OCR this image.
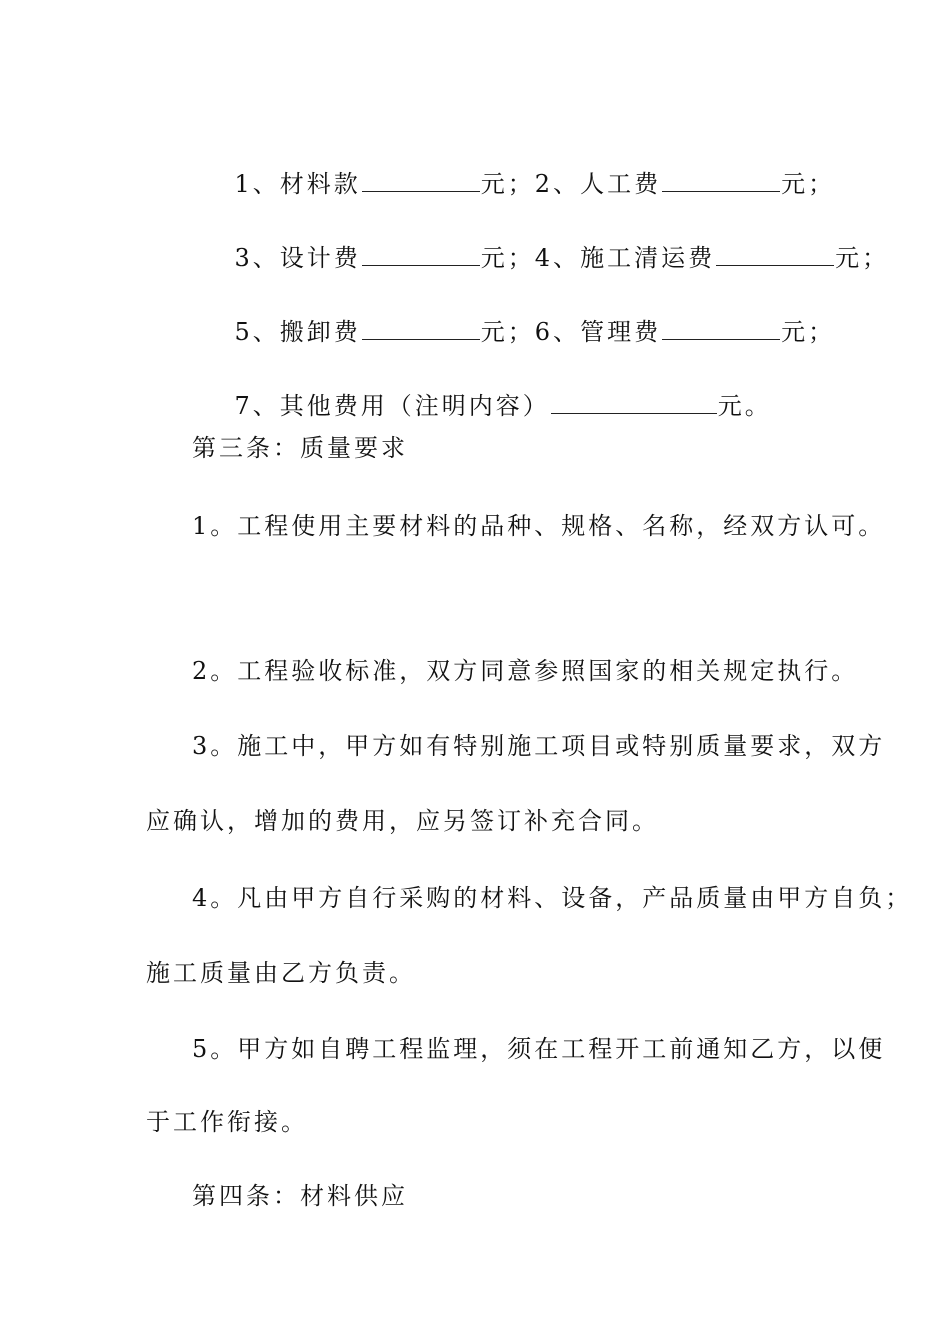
1、材料款	元；2、人工费	元；

3、设计费	元；4、施工清运费	元；

5、搬卸费	元；6、管理费	元；

7、其他费用（注明内容）	元。

第三条：质量要求
1。工程使用主要材料的品种、规格、名称，经双方认可。
2。工程验收标准，双方同意参照国家的相关规定执行。
3。施工中，甲方如有特别施工项目或特别质量要求，双方
应确认，增加的费用，应另签订补充合同。
4。凡由甲方自行采购的材料、设备，产品质量由甲方自负；
施工质量由乙方负责。
5。甲方如自聘工程监理，须在工程开工前通知乙方，以便
于工作衔接。
第四条：材料供应
